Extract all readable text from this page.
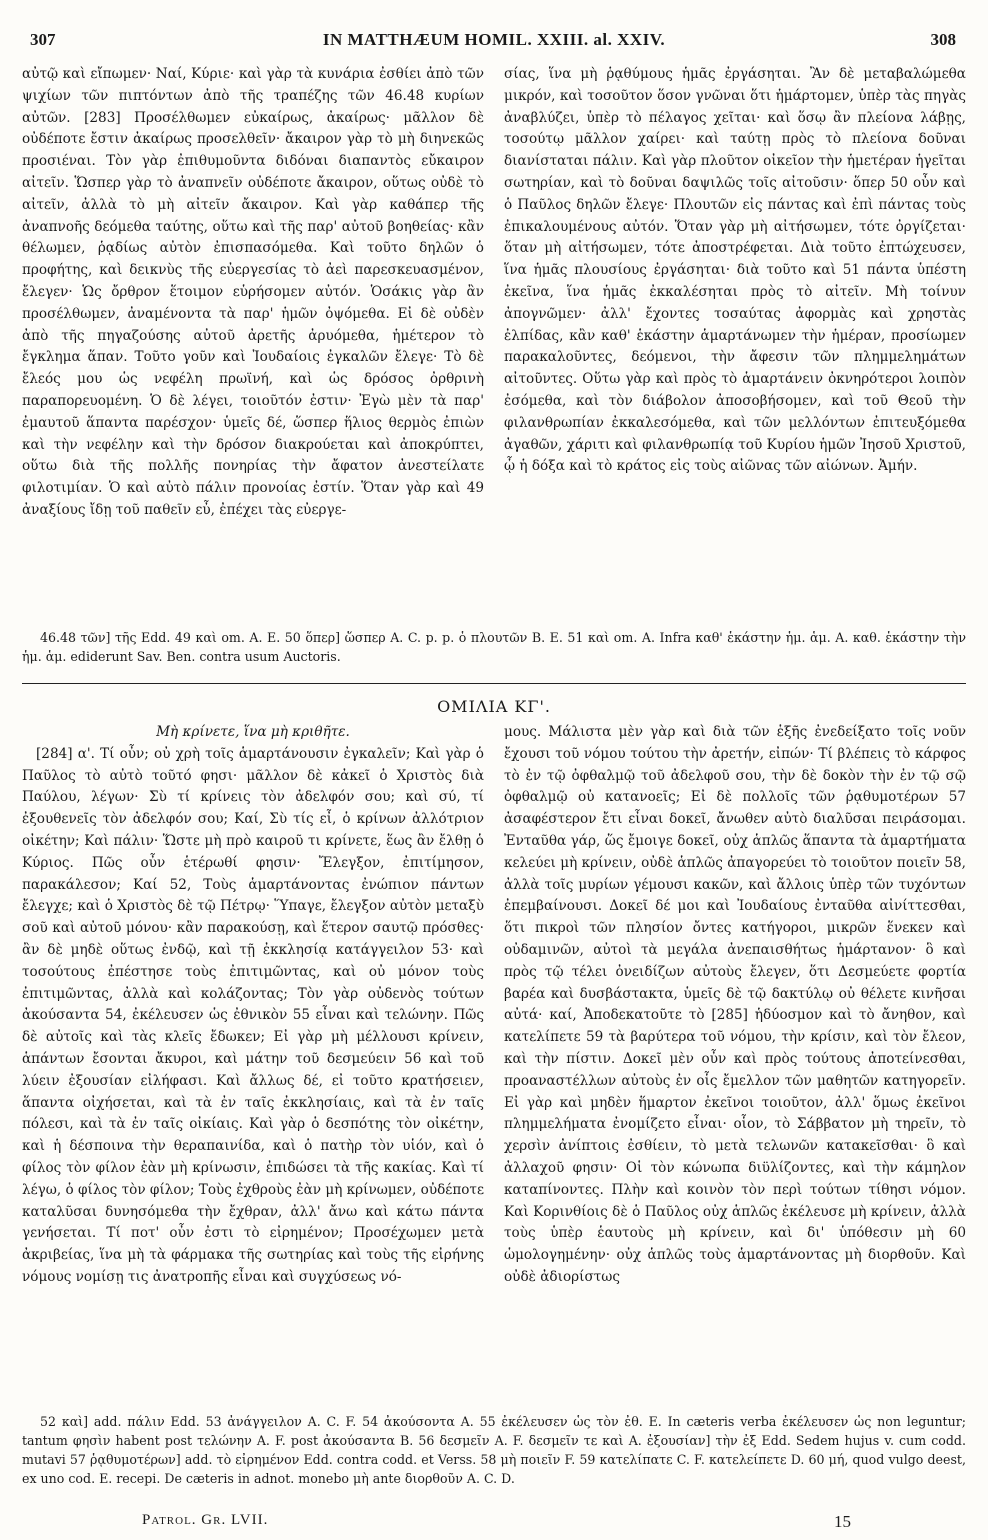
307	IN MATTHÆUM HOMIL. XXIII. al. XXIV.	308

αὐτῷ καὶ εἴπωμεν· Ναί, Κύριε· καὶ γὰρ τὰ κυνάρια ἐσθίει ἀπὸ τῶν ψιχίων τῶν πιπτόντων ἀπὸ τῆς τραπέζης τῶν 46.48 κυρίων αὐτῶν. [283] Προσέλθωμεν εὐκαίρως, ἀκαίρως· μᾶλλον δὲ οὐδέποτε ἔστιν ἀκαίρως προσελθεῖν· ἄκαιρον γὰρ τὸ μὴ διηνεκῶς προσιέναι. Τὸν γὰρ ἐπιθυμοῦντα διδόναι διαπαντὸς εὔκαιρον αἰτεῖν. Ὥσπερ γὰρ τὸ ἀναπνεῖν οὐδέποτε ἄκαιρον, οὕτως οὐδὲ τὸ αἰτεῖν, ἀλλὰ τὸ μὴ αἰτεῖν ἄκαιρον. Καὶ γὰρ καθάπερ τῆς ἀναπνοῆς δεόμεθα ταύτης, οὕτω καὶ τῆς παρ' αὐτοῦ βοηθείας· κἂν θέλωμεν, ῥᾳδίως αὐτὸν ἐπισπασόμεθα. Καὶ τοῦτο δηλῶν ὁ προφήτης, καὶ δεικνὺς τῆς εὐεργεσίας τὸ ἀεὶ παρεσκευασμένον, ἔλεγεν· Ὡς ὄρθρον ἕτοιμον εὑρήσομεν αὐτόν. Ὁσάκις γὰρ ἂν προσέλθωμεν, ἀναμένοντα τὰ παρ' ἡμῶν ὀψόμεθα. Εἰ δὲ οὐδὲν ἀπὸ τῆς πηγαζούσης αὐτοῦ ἀρετῆς ἀρυόμεθα, ἡμέτερον τὸ ἔγκλημα ἅπαν. Τοῦτο γοῦν καὶ Ἰουδαίοις ἐγκαλῶν ἔλεγε· Τὸ δὲ ἔλεός μου ὡς νεφέλη πρωϊνή, καὶ ὡς δρόσος ὀρθρινὴ παραπορευομένη. Ὁ δὲ λέγει, τοιοῦτόν ἐστιν· Ἐγὼ μὲν τὰ παρ' ἐμαυτοῦ ἅπαντα παρέσχον· ὑμεῖς δέ, ὥσπερ ἥλιος θερμὸς ἐπιὼν καὶ τὴν νεφέλην καὶ τὴν δρόσον διακρούεται καὶ ἀποκρύπτει, οὕτω διὰ τῆς πολλῆς πονηρίας τὴν ἄφατον ἀνεστείλατε φιλοτιμίαν. Ὁ καὶ αὐτὸ πάλιν προνοίας ἐστίν. Ὅταν γὰρ καὶ 49 ἀναξίους ἴδῃ τοῦ παθεῖν εὖ, ἐπέχει τὰς εὐεργε-

σίας, ἵνα μὴ ῥᾳθύμους ἡμᾶς ἐργάσηται. Ἂν δὲ μεταβαλώμεθα μικρόν, καὶ τοσοῦτον ὅσον γνῶναι ὅτι ἡμάρτομεν, ὑπὲρ τὰς πηγὰς ἀναβλύζει, ὑπὲρ τὸ πέλαγος χεῖται· καὶ ὅσῳ ἂν πλείονα λάβῃς, τοσούτῳ μᾶλλον χαίρει· καὶ ταύτῃ πρὸς τὸ πλείονα δοῦναι διανίσταται πάλιν. Καὶ γὰρ πλοῦτον οἰκεῖον τὴν ἡμετέραν ἡγεῖται σωτηρίαν, καὶ τὸ δοῦναι δαψιλῶς τοῖς αἰτοῦσιν· ὅπερ 50 οὖν καὶ ὁ Παῦλος δηλῶν ἔλεγε· Πλουτῶν εἰς πάντας καὶ ἐπὶ πάντας τοὺς ἐπικαλουμένους αὐτόν. Ὅταν γὰρ μὴ αἰτήσωμεν, τότε ὀργίζεται· ὅταν μὴ αἰτήσωμεν, τότε ἀποστρέφεται. Διὰ τοῦτο ἐπτώχευσεν, ἵνα ἡμᾶς πλουσίους ἐργάσηται· διὰ τοῦτο καὶ 51 πάντα ὑπέστη ἐκεῖνα, ἵνα ἡμᾶς ἐκκαλέσηται πρὸς τὸ αἰτεῖν. Μὴ τοίνυν ἀπογνῶμεν· ἀλλ' ἔχοντες τοσαύτας ἀφορμὰς καὶ χρηστὰς ἐλπίδας, κἂν καθ' ἑκάστην ἁμαρτάνωμεν τὴν ἡμέραν, προσίωμεν παρακαλοῦντες, δεόμενοι, τὴν ἄφεσιν τῶν πλημμελημάτων αἰτοῦντες. Οὕτω γὰρ καὶ πρὸς τὸ ἁμαρτάνειν ὀκνηρότεροι λοιπὸν ἐσόμεθα, καὶ τὸν διάβολον ἀποσοβήσομεν, καὶ τοῦ Θεοῦ τὴν φιλανθρωπίαν ἐκκαλεσόμεθα, καὶ τῶν μελλόντων ἐπιτευξόμεθα ἀγαθῶν, χάριτι καὶ φιλανθρωπίᾳ τοῦ Κυρίου ἡμῶν Ἰησοῦ Χριστοῦ, ᾧ ἡ δόξα καὶ τὸ κράτος εἰς τοὺς αἰῶνας τῶν αἰώνων. Ἀμήν.

46.48 τῶν] τῆς Edd. 49 καὶ om. A. E. 50 ὅπερ] ὥσπερ A. C. p. p. ὁ πλουτῶν B. E. 51 καὶ om. A. Infra καθ' ἑκάστην ἡμ. ἁμ. A. καθ. ἑκάστην τὴν ἡμ. ἁμ. ediderunt Sav. Ben. contra usum Auctoris.

ΟΜΙΛΙΑ ΚΓ'.

Μὴ κρίνετε, ἵνα μὴ κριθῆτε.

[284] α'. Τί οὖν; οὐ χρὴ τοῖς ἁμαρτάνουσιν ἐγκαλεῖν; Καὶ γὰρ ὁ Παῦλος τὸ αὐτὸ τοῦτό φησι· μᾶλλον δὲ κἀκεῖ ὁ Χριστὸς διὰ Παύλου, λέγων· Σὺ τί κρίνεις τὸν ἀδελφόν σου; καὶ σύ, τί ἐξουθενεῖς τὸν ἀδελφόν σου; Καί, Σὺ τίς εἶ, ὁ κρίνων ἀλλότριον οἰκέτην; Καὶ πάλιν· Ὥστε μὴ πρὸ καιροῦ τι κρίνετε, ἕως ἂν ἔλθῃ ὁ Κύριος. Πῶς οὖν ἑτέρωθί φησιν· Ἔλεγξον, ἐπιτίμησον, παρακάλεσον; Καί 52, Τοὺς ἁμαρτάνοντας ἐνώπιον πάντων ἔλεγχε; καὶ ὁ Χριστὸς δὲ τῷ Πέτρῳ· Ὕπαγε, ἔλεγξον αὐτὸν μεταξὺ σοῦ καὶ αὐτοῦ μόνου· κἂν παρακούσῃ, καὶ ἕτερον σαυτῷ πρόσθες· ἂν δὲ μηδὲ οὕτως ἐνδῷ, καὶ τῇ ἐκκλησίᾳ κατάγγειλον 53· καὶ τοσούτους ἐπέστησε τοὺς ἐπιτιμῶντας, καὶ οὐ μόνον τοὺς ἐπιτιμῶντας, ἀλλὰ καὶ κολάζοντας; Τὸν γὰρ οὐδενὸς τούτων ἀκούσαντα 54, ἐκέλευσεν ὡς ἐθνικὸν 55 εἶναι καὶ τελώνην. Πῶς δὲ αὐτοῖς καὶ τὰς κλεῖς ἔδωκεν; Εἰ γὰρ μὴ μέλλουσι κρίνειν, ἁπάντων ἔσονται ἄκυροι, καὶ μάτην τοῦ δεσμεύειν 56 καὶ τοῦ λύειν ἐξουσίαν εἰλήφασι. Καὶ ἄλλως δέ, εἰ τοῦτο κρατήσειεν, ἅπαντα οἰχήσεται, καὶ τὰ ἐν ταῖς ἐκκλησίαις, καὶ τὰ ἐν ταῖς πόλεσι, καὶ τὰ ἐν ταῖς οἰκίαις. Καὶ γὰρ ὁ δεσπότης τὸν οἰκέτην, καὶ ἡ δέσποινα τὴν θεραπαινίδα, καὶ ὁ πατὴρ τὸν υἱόν, καὶ ὁ φίλος τὸν φίλον ἐὰν μὴ κρίνωσιν, ἐπιδώσει τὰ τῆς κακίας. Καὶ τί λέγω, ὁ φίλος τὸν φίλον; Τοὺς ἐχθροὺς ἐὰν μὴ κρίνωμεν, οὐδέποτε καταλῦσαι δυνησόμεθα τὴν ἔχθραν, ἀλλ' ἄνω καὶ κάτω πάντα γενήσεται. Τί ποτ' οὖν ἐστι τὸ εἰρημένον; Προσέχωμεν μετὰ ἀκριβείας, ἵνα μὴ τὰ φάρμακα τῆς σωτηρίας καὶ τοὺς τῆς εἰρήνης νόμους νομίσῃ τις ἀνατροπῆς εἶναι καὶ συγχύσεως νό-

μους. Μάλιστα μὲν γὰρ καὶ διὰ τῶν ἑξῆς ἐνεδείξατο τοῖς νοῦν ἔχουσι τοῦ νόμου τούτου τὴν ἀρετήν, εἰπών· Τί βλέπεις τὸ κάρφος τὸ ἐν τῷ ὀφθαλμῷ τοῦ ἀδελφοῦ σου, τὴν δὲ δοκὸν τὴν ἐν τῷ σῷ ὀφθαλμῷ οὐ κατανοεῖς; Εἰ δὲ πολλοῖς τῶν ῥᾳθυμοτέρων 57 ἀσαφέστερον ἔτι εἶναι δοκεῖ, ἄνωθεν αὐτὸ διαλῦσαι πειράσομαι. Ἐνταῦθα γάρ, ὥς ἔμοιγε δοκεῖ, οὐχ ἁπλῶς ἅπαντα τὰ ἁμαρτήματα κελεύει μὴ κρίνειν, οὐδὲ ἁπλῶς ἀπαγορεύει τὸ τοιοῦτον ποιεῖν 58, ἀλλὰ τοῖς μυρίων γέμουσι κακῶν, καὶ ἄλλοις ὑπὲρ τῶν τυχόντων ἐπεμβαίνουσι. Δοκεῖ δέ μοι καὶ Ἰουδαίους ἐνταῦθα αἰνίττεσθαι, ὅτι πικροὶ τῶν πλησίον ὄντες κατήγοροι, μικρῶν ἕνεκεν καὶ οὐδαμινῶν, αὐτοὶ τὰ μεγάλα ἀνεπαισθήτως ἡμάρτανον· ὃ καὶ πρὸς τῷ τέλει ὀνειδίζων αὐτοὺς ἔλεγεν, ὅτι Δεσμεύετε φορτία βαρέα καὶ δυσβάστακτα, ὑμεῖς δὲ τῷ δακτύλῳ οὐ θέλετε κινῆσαι αὐτά· καί, Ἀποδεκατοῦτε τὸ [285] ἡδύοσμον καὶ τὸ ἄνηθον, καὶ κατελίπετε 59 τὰ βαρύτερα τοῦ νόμου, τὴν κρίσιν, καὶ τὸν ἔλεον, καὶ τὴν πίστιν. Δοκεῖ μὲν οὖν καὶ πρὸς τούτους ἀποτείνεσθαι, προαναστέλλων αὐτοὺς ἐν οἷς ἔμελλον τῶν μαθητῶν κατηγορεῖν. Εἰ γὰρ καὶ μηδὲν ἥμαρτον ἐκεῖνοι τοιοῦτον, ἀλλ' ὅμως ἐκεῖνοι πλημμελήματα ἐνομίζετο εἶναι· οἷον, τὸ Σάββατον μὴ τηρεῖν, τὸ χερσὶν ἀνίπτοις ἐσθίειν, τὸ μετὰ τελωνῶν κατακεῖσθαι· ὃ καὶ ἀλλαχοῦ φησιν· Οἱ τὸν κώνωπα διϋλίζοντες, καὶ τὴν κάμηλον καταπίνοντες. Πλὴν καὶ κοινὸν τὸν περὶ τούτων τίθησι νόμον. Καὶ Κορινθίοις δὲ ὁ Παῦλος οὐχ ἁπλῶς ἐκέλευσε μὴ κρίνειν, ἀλλὰ τοὺς ὑπὲρ ἑαυτοὺς μὴ κρίνειν, καὶ δι' ὑπόθεσιν μὴ 60 ὡμολογημένην· οὐχ ἁπλῶς τοὺς ἁμαρτάνοντας μὴ διορθοῦν. Καὶ οὐδὲ ἀδιορίστως

52 καὶ] add. πάλιν Edd. 53 ἀνάγγειλον A. C. F. 54 ἀκούσοντα A. 55 ἐκέλευσεν ὡς τὸν ἐθ. E. In cæteris verba ἐκέλευσεν ὡς non leguntur; tantum φησὶν habent post τελώνην A. F. post ἀκούσαντα B. 56 δεσμεῖν A. F. δεσμεῖν τε καὶ A. ἐξουσίαν] τὴν ἐξ Edd. Sedem hujus v. cum codd. mutavi 57 ῥᾳθυμοτέρων] add. τὸ εἰρημένον Edd. contra codd. et Verss. 58 μὴ ποιεῖν F. 59 κατελίπατε C. F. κατελείπετε D. 60 μή, quod vulgo deest, ex uno cod. E. recepi. De cæteris in adnot. monebo μὴ ante διορθοῦν A. C. D.

Patrol. Gr. LVII.	15
